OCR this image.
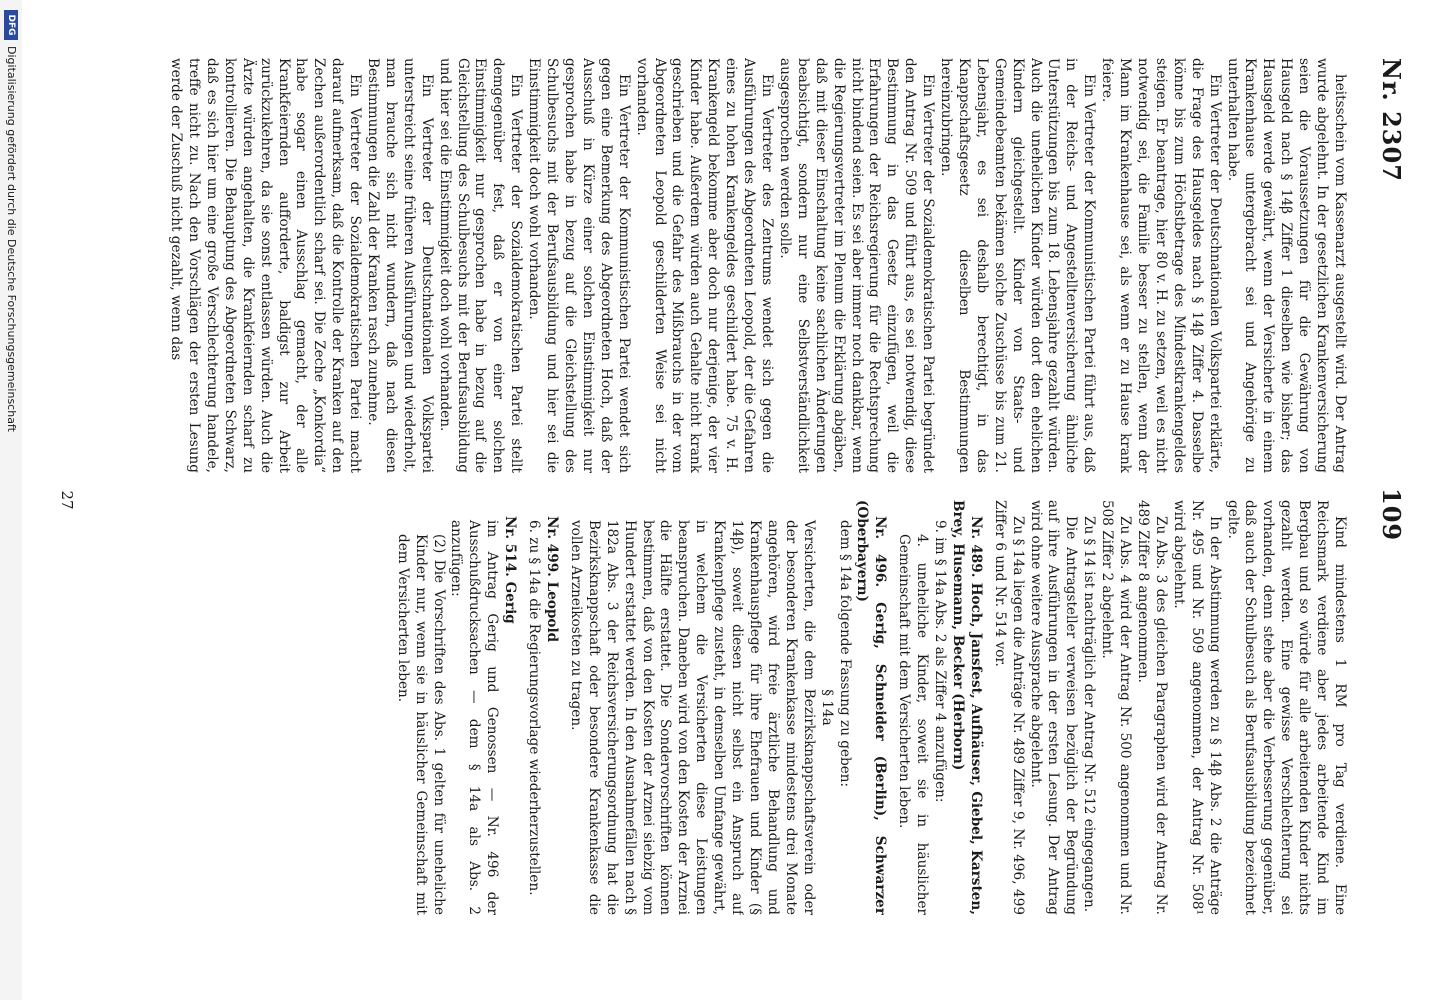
Nr. 2307
109

heitsschein vom Kassenarzt ausgestellt wird. Der Antrag wurde abgelehnt. In der gesetzlichen Krankenversicherung seien die Voraussetzungen für die Gewährung von Hausgeld nach § 14β Ziffer 1 dieselben wie bisher; das Hausgeld werde gewährt, wenn der Versicherte in einem Krankenhause untergebracht sei und Angehörige zu unterhalten habe.

Ein Vertreter der Deutschnationalen Volkspartei erklärte, die Frage des Hausgeldes nach § 14β Ziffer 4. Dasselbe könne bis zum Höchstbetrage des Mindestkrankengeldes steigen. Er beantrage, hier 80 v. H. zu setzen, weil es nicht notwendig sei, die Familie besser zu stellen, wenn der Mann im Krankenhause sei, als wenn er zu Hause krank feiere.

Ein Vertreter der Kommunistischen Partei führt aus, daß in der Reichs- und Angestelltenversicherung ähnliche Unterstützungen bis zum 18. Lebensjahre gezahlt würden. Auch die unehelichen Kinder würden dort den ehelichen Kindern gleichgestellt. Kinder von Staats- und Gemeindebeamten bekämen solche Zuschüsse bis zum 21. Lebensjahr, es sei deshalb berechtigt, in das Knappschaftsgesetz dieselben Bestimmungen hereinzubringen.

Ein Vertreter der Sozialdemokratischen Partei begründet den Antrag Nr. 509 und führt aus, es sei notwendig, diese Bestimmung in das Gesetz einzufügen, weil die Erfahrungen der Reichsregierung für die Rechtsprechung nicht bindend seien. Es sei aber immer noch dankbar, wenn die Regierungsvertreter im Plenum die Erklärung abgäben, daß mit dieser Einschaltung keine sachlichen Änderungen beabsichtigt, sondern nur eine Selbstverständlichkeit ausgesprochen werden solle.

Ein Vertreter des Zentrums wendet sich gegen die Ausführungen des Abgeordneten Leopold, der die Gefahren eines zu hohen Krankengeldes geschildert habe. 75 v. H. Krankengeld bekomme aber doch nur derjenige, der vier Kinder habe. Außerdem würden auch Gehalte nicht krank geschrieben und die Gefahr des Mißbrauchs in der vom Abgeordneten Leopold geschilderten Weise sei nicht vorhanden.

Ein Vertreter der Kommunistischen Partei wendet sich gegen eine Bemerkung des Abgeordneten Hoch, daß der Ausschuß in Kürze einer solchen Einstimmigkeit nur gesprochen habe in bezug auf die Gleichstellung des Schulbesuchs mit der Berufsausbildung und hier sei die Einstimmigkeit doch wohl vorhanden.

Ein Vertreter der Sozialdemokratischen Partei stellt demgegenüber fest, daß er von einer solchen Einstimmigkeit nur gesprochen habe in bezug auf die Gleichstellung des Schulbesuchs mit der Berufsausbildung und hier sei die Einstimmigkeit doch wohl vorhanden.

Ein Vertreter der Deutschnationalen Volkspartei unterstreicht seine früheren Ausführungen und wiederholt, man brauche sich nicht wundern, daß nach diesen Bestimmungen die Zahl der Kranken rasch zunehme.

Ein Vertreter der Sozialdemokratischen Partei macht darauf aufmerksam, daß die Kontrolle der Kranken auf den Zechen außerordentlich scharf sei. Die Zeche „Konkordia“ habe sogar einen Ausschlag gemacht, der alle Krankfeiernden aufforderte, baldigst zur Arbeit zurückzukehren, da sie sonst entlassen würden. Auch die Ärzte würden angehalten, die Krankfeiernden scharf zu kontrollieren. Die Behauptung des Abgeordneten Schwarz, daß es sich hier um eine große Verschlechterung handele, treffe nicht zu. Nach den Vorschlägen der ersten Lesung werde der Zuschuß nicht gezahlt, wenn das

Kind mindestens 1 RM pro Tag verdiene. Eine Reichsmark verdiene aber jedes arbeitende Kind im Bergbau und so würde für alle arbeitenden Kinder nichts gezahlt werden. Eine gewisse Verschlechterung sei vorhanden, denn stehe aber die Verbesserung gegenüber, daß auch der Schulbesuch als Berufsausbildung bezeichnet gelte.

In der Abstimmung werden zu § 14β Abs. 2 die Anträge Nr. 495 und Nr. 509 angenommen, der Antrag Nr. 508¹ wird abgelehnt.

Zu Abs. 3 des gleichen Paragraphen wird der Antrag Nr. 489 Ziffer 8 angenommen.

Zu Abs. 4 wird der Antrag Nr. 500 angenommen und Nr. 508 Ziffer 2 abgelehnt.

Zu § 14 ist nachträglich der Antrag Nr. 512 eingegangen.

Die Antragsteller verweisen bezüglich der Begründung auf ihre Ausführungen in der ersten Lesung. Der Antrag wird ohne weitere Aussprache abgelehnt.

Zu § 14a liegen die Anträge Nr. 489 Ziffer 9, Nr. 496, 499 Ziffer 6 und Nr. 514 vor.

Nr. 489. Hoch, Jansfest, Aufhäuser, Giebel, Karsten, Brey, Husemann, Becker (Herborn)

9. im § 14a Abs. 2 als Ziffer 4 anzufügen:

4. uneheliche Kinder, soweit sie in häuslicher Gemeinschaft mit dem Versicherten leben.

Nr. 496. Gerig, Schneider (Berlin), Schwarzer (Oberbayern)

dem § 14a folgende Fassung zu geben:

§ 14a

Versicherten, die dem Bezirksknappschaftsverein oder der besonderen Krankenkasse mindestens drei Monate angehören, wird freie ärztliche Behandlung und Krankenhauspflege für ihre Ehefrauen und Kinder (§ 14β), soweit diesen nicht selbst ein Anspruch auf Krankenpflege zusteht, in demselben Umfange gewährt, in welchem die Versicherten diese Leistungen beanspruchen. Daneben wird von den Kosten der Arznei die Hälfte erstattet. Die Sondervorschriften können bestimmen, daß von den Kosten der Arznei siebzig vom Hundert erstattet werden. In den Ausnahmefällen nach § 182a Abs. 3 der Reichsversicherungsordnung hat die Bezirksknappschaft oder besondere Krankenkasse die vollen Arzneikosten zu tragen.

Nr. 499. Leopold

6. zu § 14a die Regierungsvorlage wiederherzustellen.

Nr. 514. Gerig

im Antrag Gerig und Genossen — Nr. 496 der Ausschußdrucksachen — dem § 14a als Abs. 2 anzufügen:

(2) Die Vorschriften des Abs. 1 gelten für uneheliche Kinder nur, wenn sie in häuslicher Gemeinschaft mit dem Versicherten leben.

27
DFG
Digitalisierung gefördert durch die Deutsche Forschungsgemeinschaft
